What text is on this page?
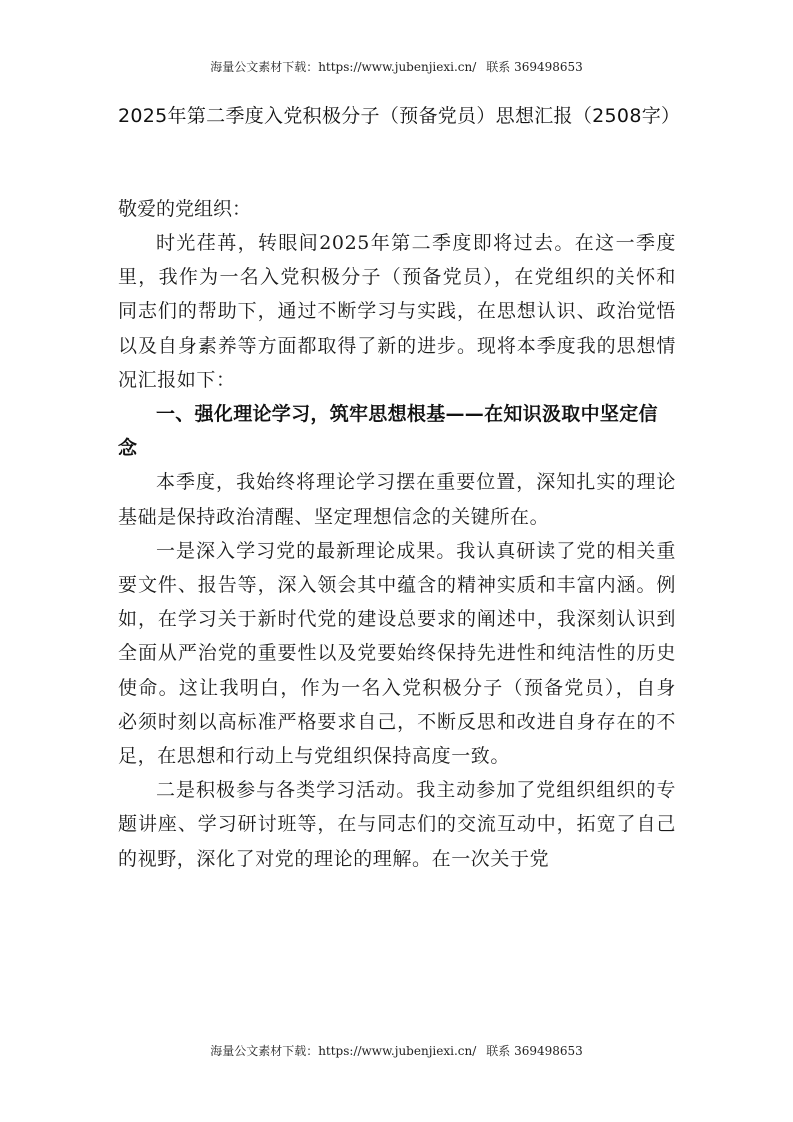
海量公文素材下载：https://www.jubenjiexi.cn/ 联系 369498653
2025年第二季度入党积极分子（预备党员）思想汇报（2508字）

敬爱的党组织：

时光荏苒，转眼间2025年第二季度即将过去。在这一季度里，我作为一名入党积极分子（预备党员），在党组织的关怀和同志们的帮助下，通过不断学习与实践，在思想认识、政治觉悟以及自身素养等方面都取得了新的进步。现将本季度我的思想情况汇报如下：

一、强化理论学习，筑牢思想根基——在知识汲取中坚定信念

本季度，我始终将理论学习摆在重要位置，深知扎实的理论基础是保持政治清醒、坚定理想信念的关键所在。

一是深入学习党的最新理论成果。我认真研读了党的相关重要文件、报告等，深入领会其中蕴含的精神实质和丰富内涵。例如，在学习关于新时代党的建设总要求的阐述中，我深刻认识到全面从严治党的重要性以及党要始终保持先进性和纯洁性的历史使命。这让我明白，作为一名入党积极分子（预备党员），自身必须时刻以高标准严格要求自己，不断反思和改进自身存在的不足，在思想和行动上与党组织保持高度一致。

二是积极参与各类学习活动。我主动参加了党组织组织的专题讲座、学习研讨班等，在与同志们的交流互动中，拓宽了自己的视野，深化了对党的理论的理解。在一次关于党

海量公文素材下载：https://www.jubenjiexi.cn/ 联系 369498653
